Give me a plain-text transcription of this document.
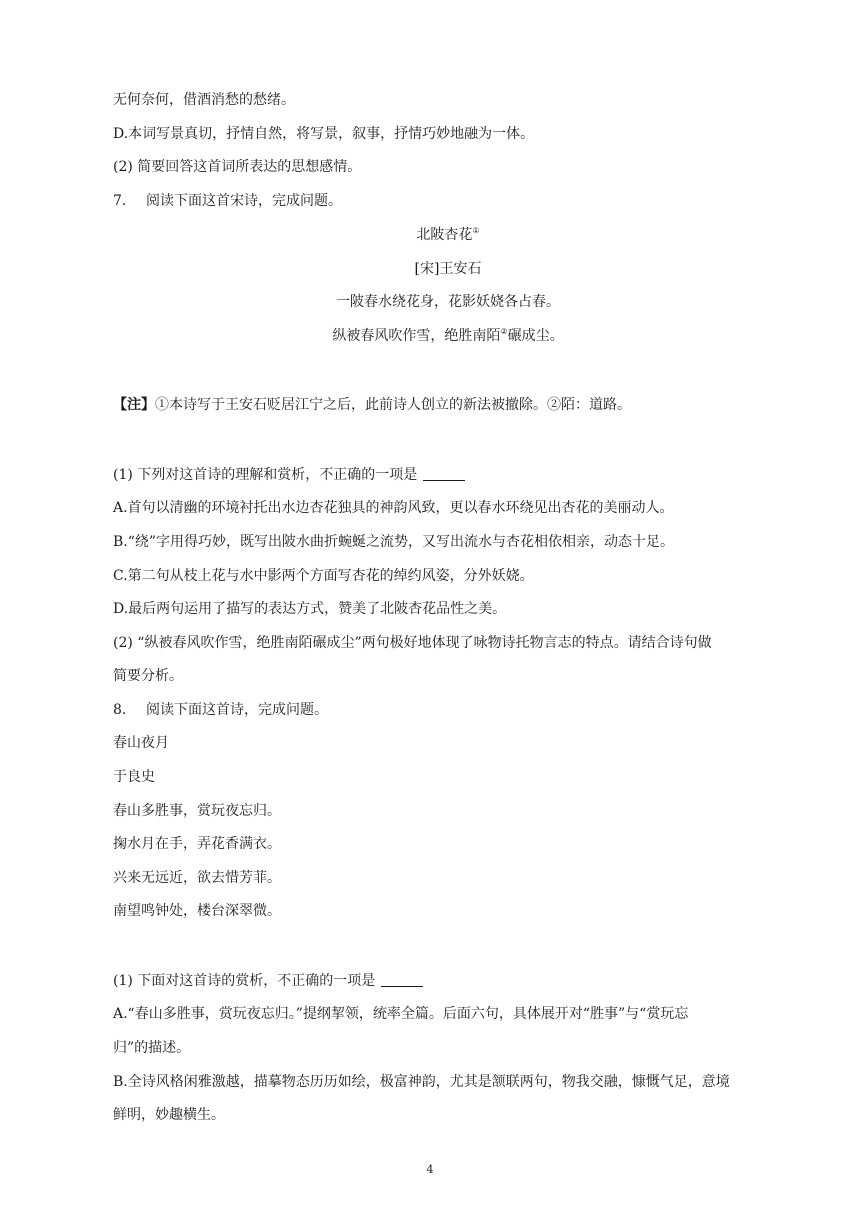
无何奈何，借酒消愁的愁绪。
D.本词写景真切，抒情自然，将写景，叙事，抒情巧妙地融为一体。
(2) 简要回答这首词所表达的思想感情。
7. 阅读下面这首宋诗，完成问题。
北陂杏花①
[宋]王安石
一陂春水绕花身，花影妖娆各占春。
纵被春风吹作雪，绝胜南陌②碾成尘。
【注】①本诗写于王安石贬居江宁之后，此前诗人创立的新法被撤除。②陌：道路。
(1) 下列对这首诗的理解和赏析，不正确的一项是
A.首句以清幽的环境衬托出水边杏花独具的神韵风致，更以春水环绕见出杏花的美丽动人。
B.“绕”字用得巧妙，既写出陂水曲折蜿蜒之流势，又写出流水与杏花相依相亲，动态十足。
C.第二句从枝上花与水中影两个方面写杏花的绰约风姿，分外妖娆。
D.最后两句运用了描写的表达方式，赞美了北陂杏花品性之美。
(2) “纵被春风吹作雪，绝胜南陌碾成尘”两句极好地体现了咏物诗托物言志的特点。请结合诗句做
简要分析。
8. 阅读下面这首诗，完成问题。
春山夜月
于良史
春山多胜事，赏玩夜忘归。
掬水月在手，弄花香满衣。
兴来无远近，欲去惜芳菲。
南望鸣钟处，楼台深翠微。
(1) 下面对这首诗的赏析，不正确的一项是
A.“春山多胜事，赏玩夜忘归。”提纲挈领，统率全篇。后面六句，具体展开对“胜事”与“赏玩忘
归”的描述。
B.全诗风格闲雅激越，描摹物态历历如绘，极富神韵，尤其是颔联两句，物我交融，慷慨气足，意境
鲜明，妙趣横生。
4
